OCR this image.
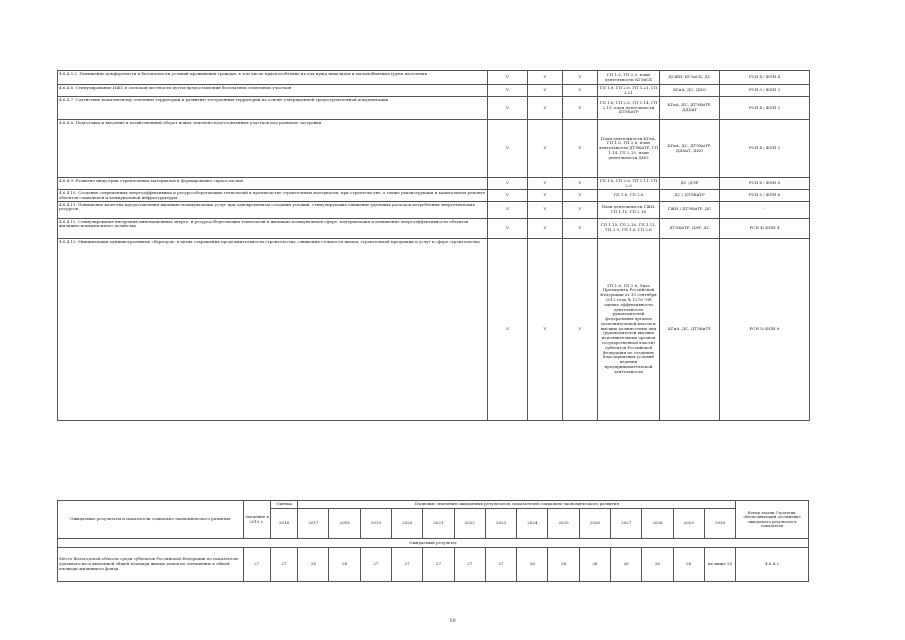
4.6.4.5.2. Повышение комфортности и безопасности условий проживания граждан, в том числе приспособление их для нужд инвалидов и маломобильных групп населения	V	V	V	ГП 1.5, ГП 2.5, план деятельности КГЗиСБ	ДСЖН, КГЗиСБ, ДС	РСН 4 / ФПН 4
4.6.4.6. Стимулирование ИЖС в сельской местности путем предоставления бесплатных земельных участков	V	V	V	ГП 1.6, ГП 2.6, ГП 1.21, ГП 2.21	КГиА, ДС, ДИО	РСН 3 / ФПН 3
4.6.4.7. Содействие комплексному освоению территорий и развитию застроенных территорий на основе утвержденной градостроительной документации	V	V	V	ГП 1.6, ГП 2.6, ГП 1.14, ГП 2.15, план деятельности ДТЭКиТР	КГиА, ДС, ДТЭКиТР, ДДХиТ	РСН 4 / ФПН 3
4.6.4.8. Подготовка и введение в хозяйственный оборот новых земельно-подготовленных участков под развитие застройки	V	V	V	План деятельности КГиА, ГП 1.6, ГП 2.6, план деятельности ДТЭКиТР, ГП 1.14, ГП 2.15, план деятельности ДИО	КГиА, ДС, ДТЭКиТР, ДДХиТ, ДИО	РСН 4 / ФПН 3
4.6.4.9. Развитие индустрии строительных материалов и формирование спроса на них	V	V	V	ГП 1.6, ГП 2.6, ГП 1.11, ГП 2.9	ДС /ДЭР	РСН 6 / ФПН 6
4.6.4.10. Создание современных энергоэффективных и ресурсосберегающих технологий в производстве строительных материалов, при строительстве, а также реконструкции и капитальном ремонте объектов социальной и коммунальной инфраструктуры	V	V	V	ГП 1.6, ГП 2.6	ДС / ДТЭКиТР	РСН 5 / ФПН 6
4.6.4.11. Повышение качества предоставления жилищно-коммунальных услуг при одновременном создании условий, стимулирующих снижение удельных расходов потребления энергетических ресурсов	V	V	V	План деятельности ГЖИ, ГП 1.15, ГП 2.16	ГЖИ / ДТЭКиТР, ДС	-
4.6.4.12. Стимулирование внедрения инновационных энерго- и ресурсосберегающих технологий в жилищно-коммунальной сфере, модернизация и повышение энергоэффективности объектов жилищно-коммунального хозяйства	V	V	V	ГП 1.15, ГП 2.16, ГП 1.11, ГП 2.9, ГП 1.6, ГП 2.6	ДТЭКиТР, ДЭР, ДС	РСН 4/ ФПН 4
4.6.4.13. Минимизация административных «барьеров» в целях сокращения продолжительности строительства, снижения стоимости жилья, строительной продукции и услуг в сфере строительства	V	V	V	ГП 1.6, ГП 2.6, Указ Президента Российской Федерации от 10 сентября 2012 года № 1276 "Об оценке эффективности деятельности руководителей федеральных органов исполнительной власти и высших должностных лиц (руководителей высших исполнительных органов государственной власти) субъектов Российской Федерации по созданию благоприятных условий ведения предпринимательской деятельности	КГиА, ДС, ДТЭКиТР	РСН 5/ ФПН 8
Ожидаемые результаты и показатели социально-экономического развития	Значение в 2015 г.	Оценка	Плановые значения ожидаемых результатов, показателей социально-экономического развития														Номер задачи Стратегии, обеспечивающей достижение ожидаемого результата и показателя
		2016	2017	2018	2019	2020	2021	2022	2023	2024	2025	2026	2027	2028	2029	2030	

Ожидаемый результат																	
Место Вологодской области среди субъектов Российской Федерации по показателю удельного веса введенной общей площади жилых домов по отношению к общей площади жилищного фонда	27	27	28	28	27	27	27	27	27	26	26	26	26	26	26	не ниже 25	4.6.4.2
10
